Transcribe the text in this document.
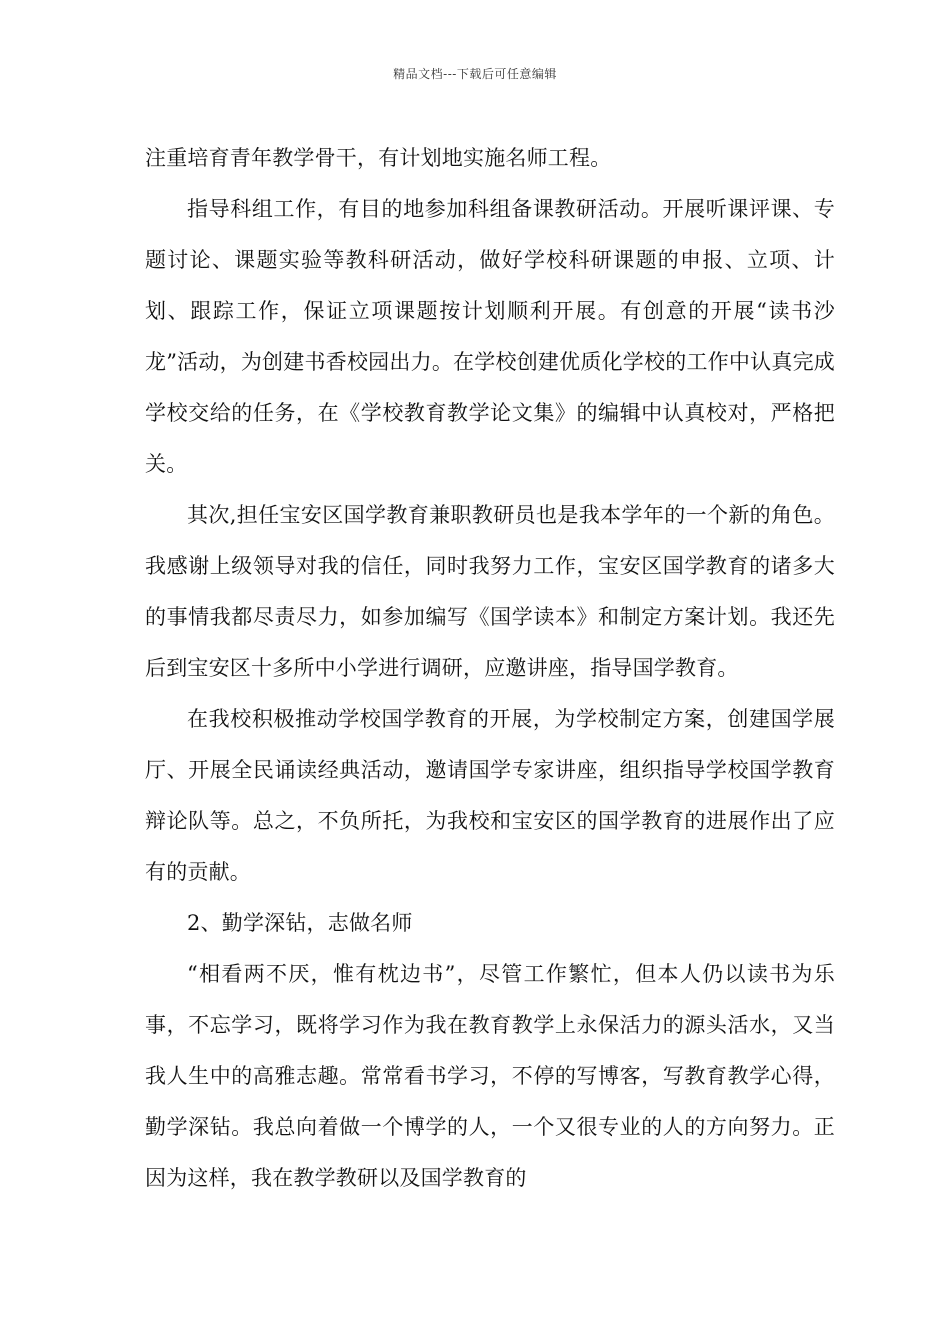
精品文档---下载后可任意编辑

注重培育青年教学骨干，有计划地实施名师工程。

指导科组工作，有目的地参加科组备课教研活动。开展听课评课、专题讨论、课题实验等教科研活动，做好学校科研课题的申报、立项、计划、跟踪工作，保证立项课题按计划顺利开展。有创意的开展“读书沙龙”活动，为创建书香校园出力。在学校创建优质化学校的工作中认真完成学校交给的任务，在《学校教育教学论文集》的编辑中认真校对，严格把关。

其次,担任宝安区国学教育兼职教研员也是我本学年的一个新的角色。我感谢上级领导对我的信任，同时我努力工作，宝安区国学教育的诸多大的事情我都尽责尽力，如参加编写《国学读本》和制定方案计划。我还先后到宝安区十多所中小学进行调研，应邀讲座，指导国学教育。

在我校积极推动学校国学教育的开展，为学校制定方案，创建国学展厅、开展全民诵读经典活动，邀请国学专家讲座，组织指导学校国学教育辩论队等。总之，不负所托，为我校和宝安区的国学教育的进展作出了应有的贡献。

2、勤学深钻，志做名师

“相看两不厌，惟有枕边书”，尽管工作繁忙，但本人仍以读书为乐事，不忘学习，既将学习作为我在教育教学上永保活力的源头活水，又当我人生中的高雅志趣。常常看书学习，不停的写博客，写教育教学心得，勤学深钻。我总向着做一个博学的人，一个又很专业的人的方向努力。正因为这样，我在教学教研以及国学教育的
